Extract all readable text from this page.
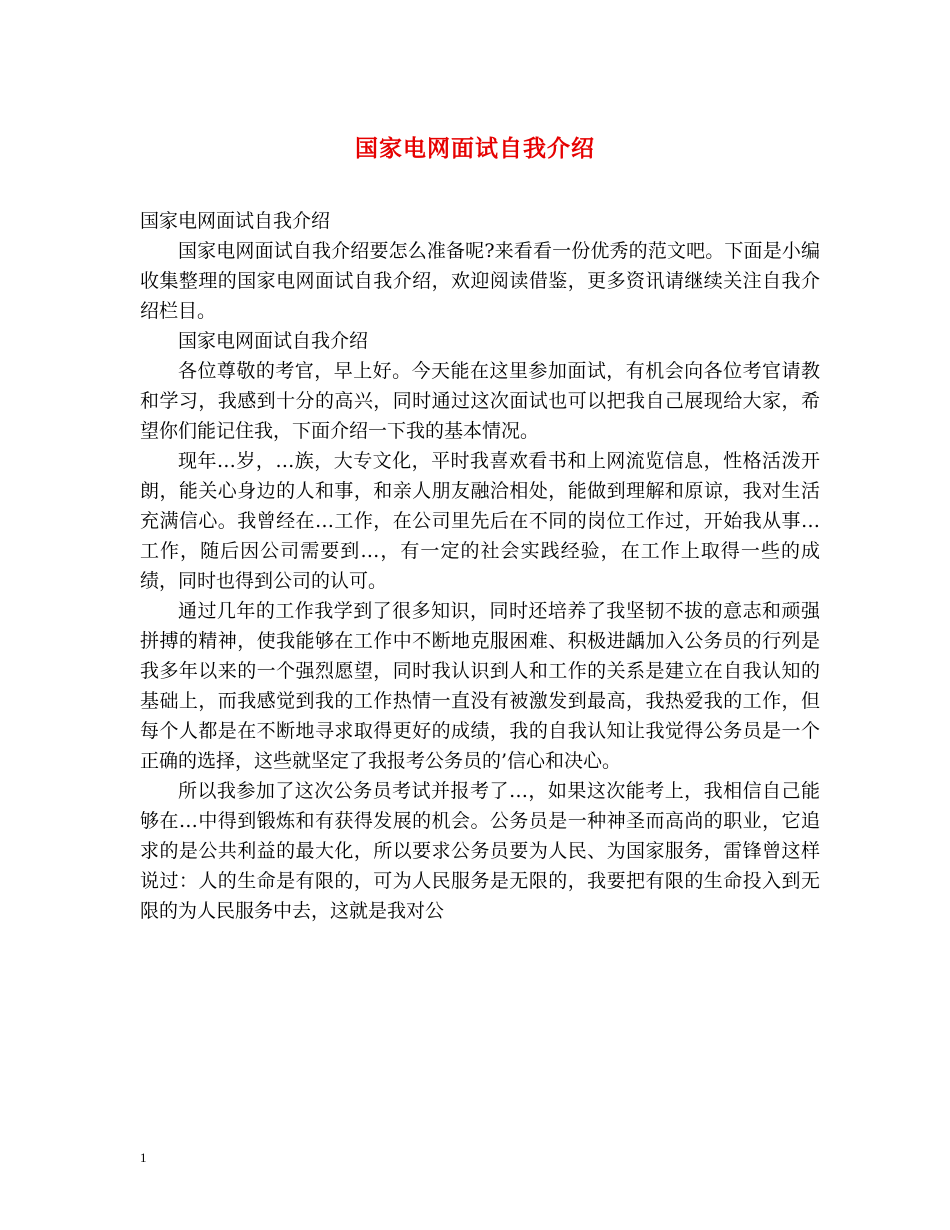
国家电网面试自我介绍

国家电网面试自我介绍

国家电网面试自我介绍要怎么准备呢?来看看一份优秀的范文吧。下面是小编收集整理的国家电网面试自我介绍，欢迎阅读借鉴，更多资讯请继续关注自我介绍栏目。

国家电网面试自我介绍

各位尊敬的考官，早上好。今天能在这里参加面试，有机会向各位考官请教和学习，我感到十分的高兴，同时通过这次面试也可以把我自己展现给大家，希望你们能记住我，下面介绍一下我的基本情况。

现年…岁，…族，大专文化，平时我喜欢看书和上网流览信息，性格活泼开朗，能关心身边的人和事，和亲人朋友融洽相处，能做到理解和原谅，我对生活充满信心。我曾经在…工作，在公司里先后在不同的岗位工作过，开始我从事…工作，随后因公司需要到…，有一定的社会实践经验，在工作上取得一些的成绩，同时也得到公司的认可。

通过几年的工作我学到了很多知识，同时还培养了我坚韧不拔的意志和顽强拼搏的精神，使我能够在工作中不断地克服困难、积极进龋加入公务员的行列是我多年以来的一个强烈愿望，同时我认识到人和工作的关系是建立在自我认知的基础上，而我感觉到我的工作热情一直没有被激发到最高，我热爱我的工作，但每个人都是在不断地寻求取得更好的成绩，我的自我认知让我觉得公务员是一个正确的选择，这些就坚定了我报考公务员的’信心和决心。

所以我参加了这次公务员考试并报考了…，如果这次能考上，我相信自己能够在…中得到锻炼和有获得发展的机会。公务员是一种神圣而高尚的职业，它追求的是公共利益的最大化，所以要求公务员要为人民、为国家服务，雷锋曾这样说过：人的生命是有限的，可为人民服务是无限的，我要把有限的生命投入到无限的为人民服务中去，这就是我对公

1
